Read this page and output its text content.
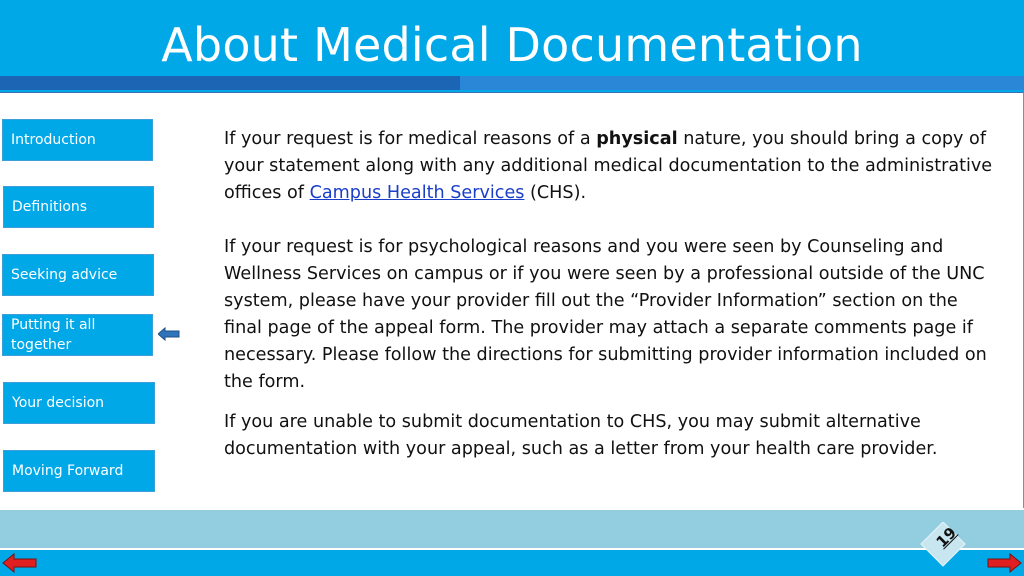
About Medical Documentation
Introduction
Definitions
Seeking advice
Putting it all together
Your decision
Moving Forward

If your request is for medical reasons of a physical nature, you should bring a copy of your statement along with any additional medical documentation to the administrative offices of Campus Health Services (CHS).

If your request is for psychological reasons and you were seen by Counseling and Wellness Services on campus or if you were seen by a professional outside of the UNC system, please have your provider fill out the “Provider Information” section on the final page of the appeal form. The provider may attach a separate comments page if necessary. Please follow the directions for submitting provider information included on the form.

If you are unable to submit documentation to CHS, you may submit alternative documentation with your appeal, such as a letter from your health care provider.

19
